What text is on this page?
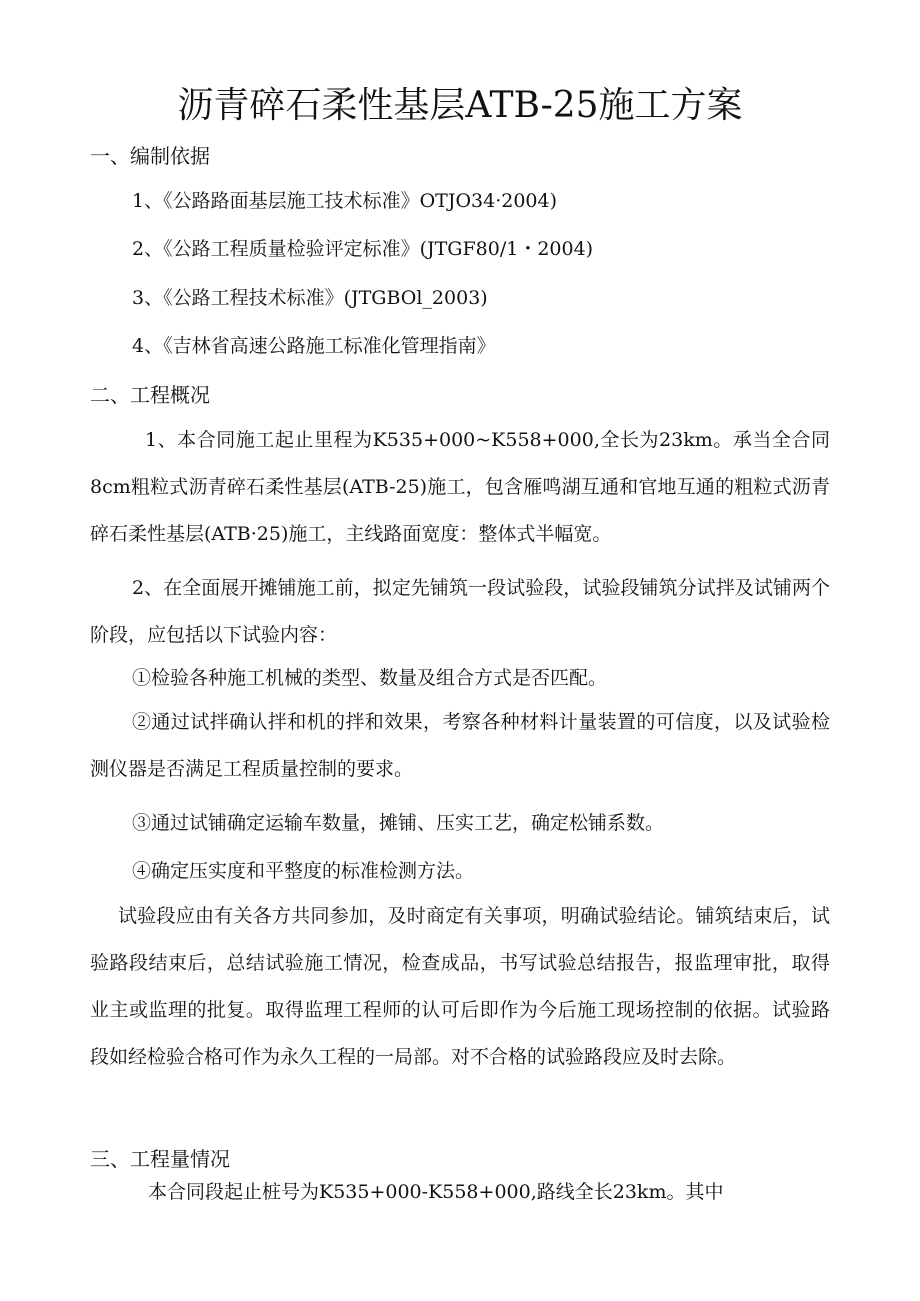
沥青碎石柔性基层ATB-25施工方案
一、编制依据
1、《公路路面基层施工技术标准》OTJO34·2004)
2、《公路工程质量检验评定标准》(JTGF80/1・2004)
3、《公路工程技术标准》(JTGBOl_2003)
4、《吉林省高速公路施工标准化管理指南》
二、工程概况
1、本合同施工起止里程为K535+000~K558+000,全长为23km。承当全合同8cm粗粒式沥青碎石柔性基层(ATB-25)施工，包含雁鸣湖互通和官地互通的粗粒式沥青碎石柔性基层(ATB·25)施工，主线路面宽度：整体式半幅宽。
2、在全面展开摊铺施工前，拟定先铺筑一段试验段，试验段铺筑分试拌及试铺两个阶段，应包括以下试验内容：
①检验各种施工机械的类型、数量及组合方式是否匹配。
②通过试拌确认拌和机的拌和效果，考察各种材料计量装置的可信度，以及试验检测仪器是否满足工程质量控制的要求。
③通过试铺确定运输车数量，摊铺、压实工艺，确定松铺系数。
④确定压实度和平整度的标准检测方法。
试验段应由有关各方共同参加，及时商定有关事项，明确试验结论。铺筑结束后，试验路段结束后，总结试验施工情况，检查成品，书写试验总结报告，报监理审批，取得业主或监理的批复。取得监理工程师的认可后即作为今后施工现场控制的依据。试验路段如经检验合格可作为永久工程的一局部。对不合格的试验路段应及时去除。
三、工程量情况
本合同段起止桩号为K535+000-K558+000,路线全长23km。其中
